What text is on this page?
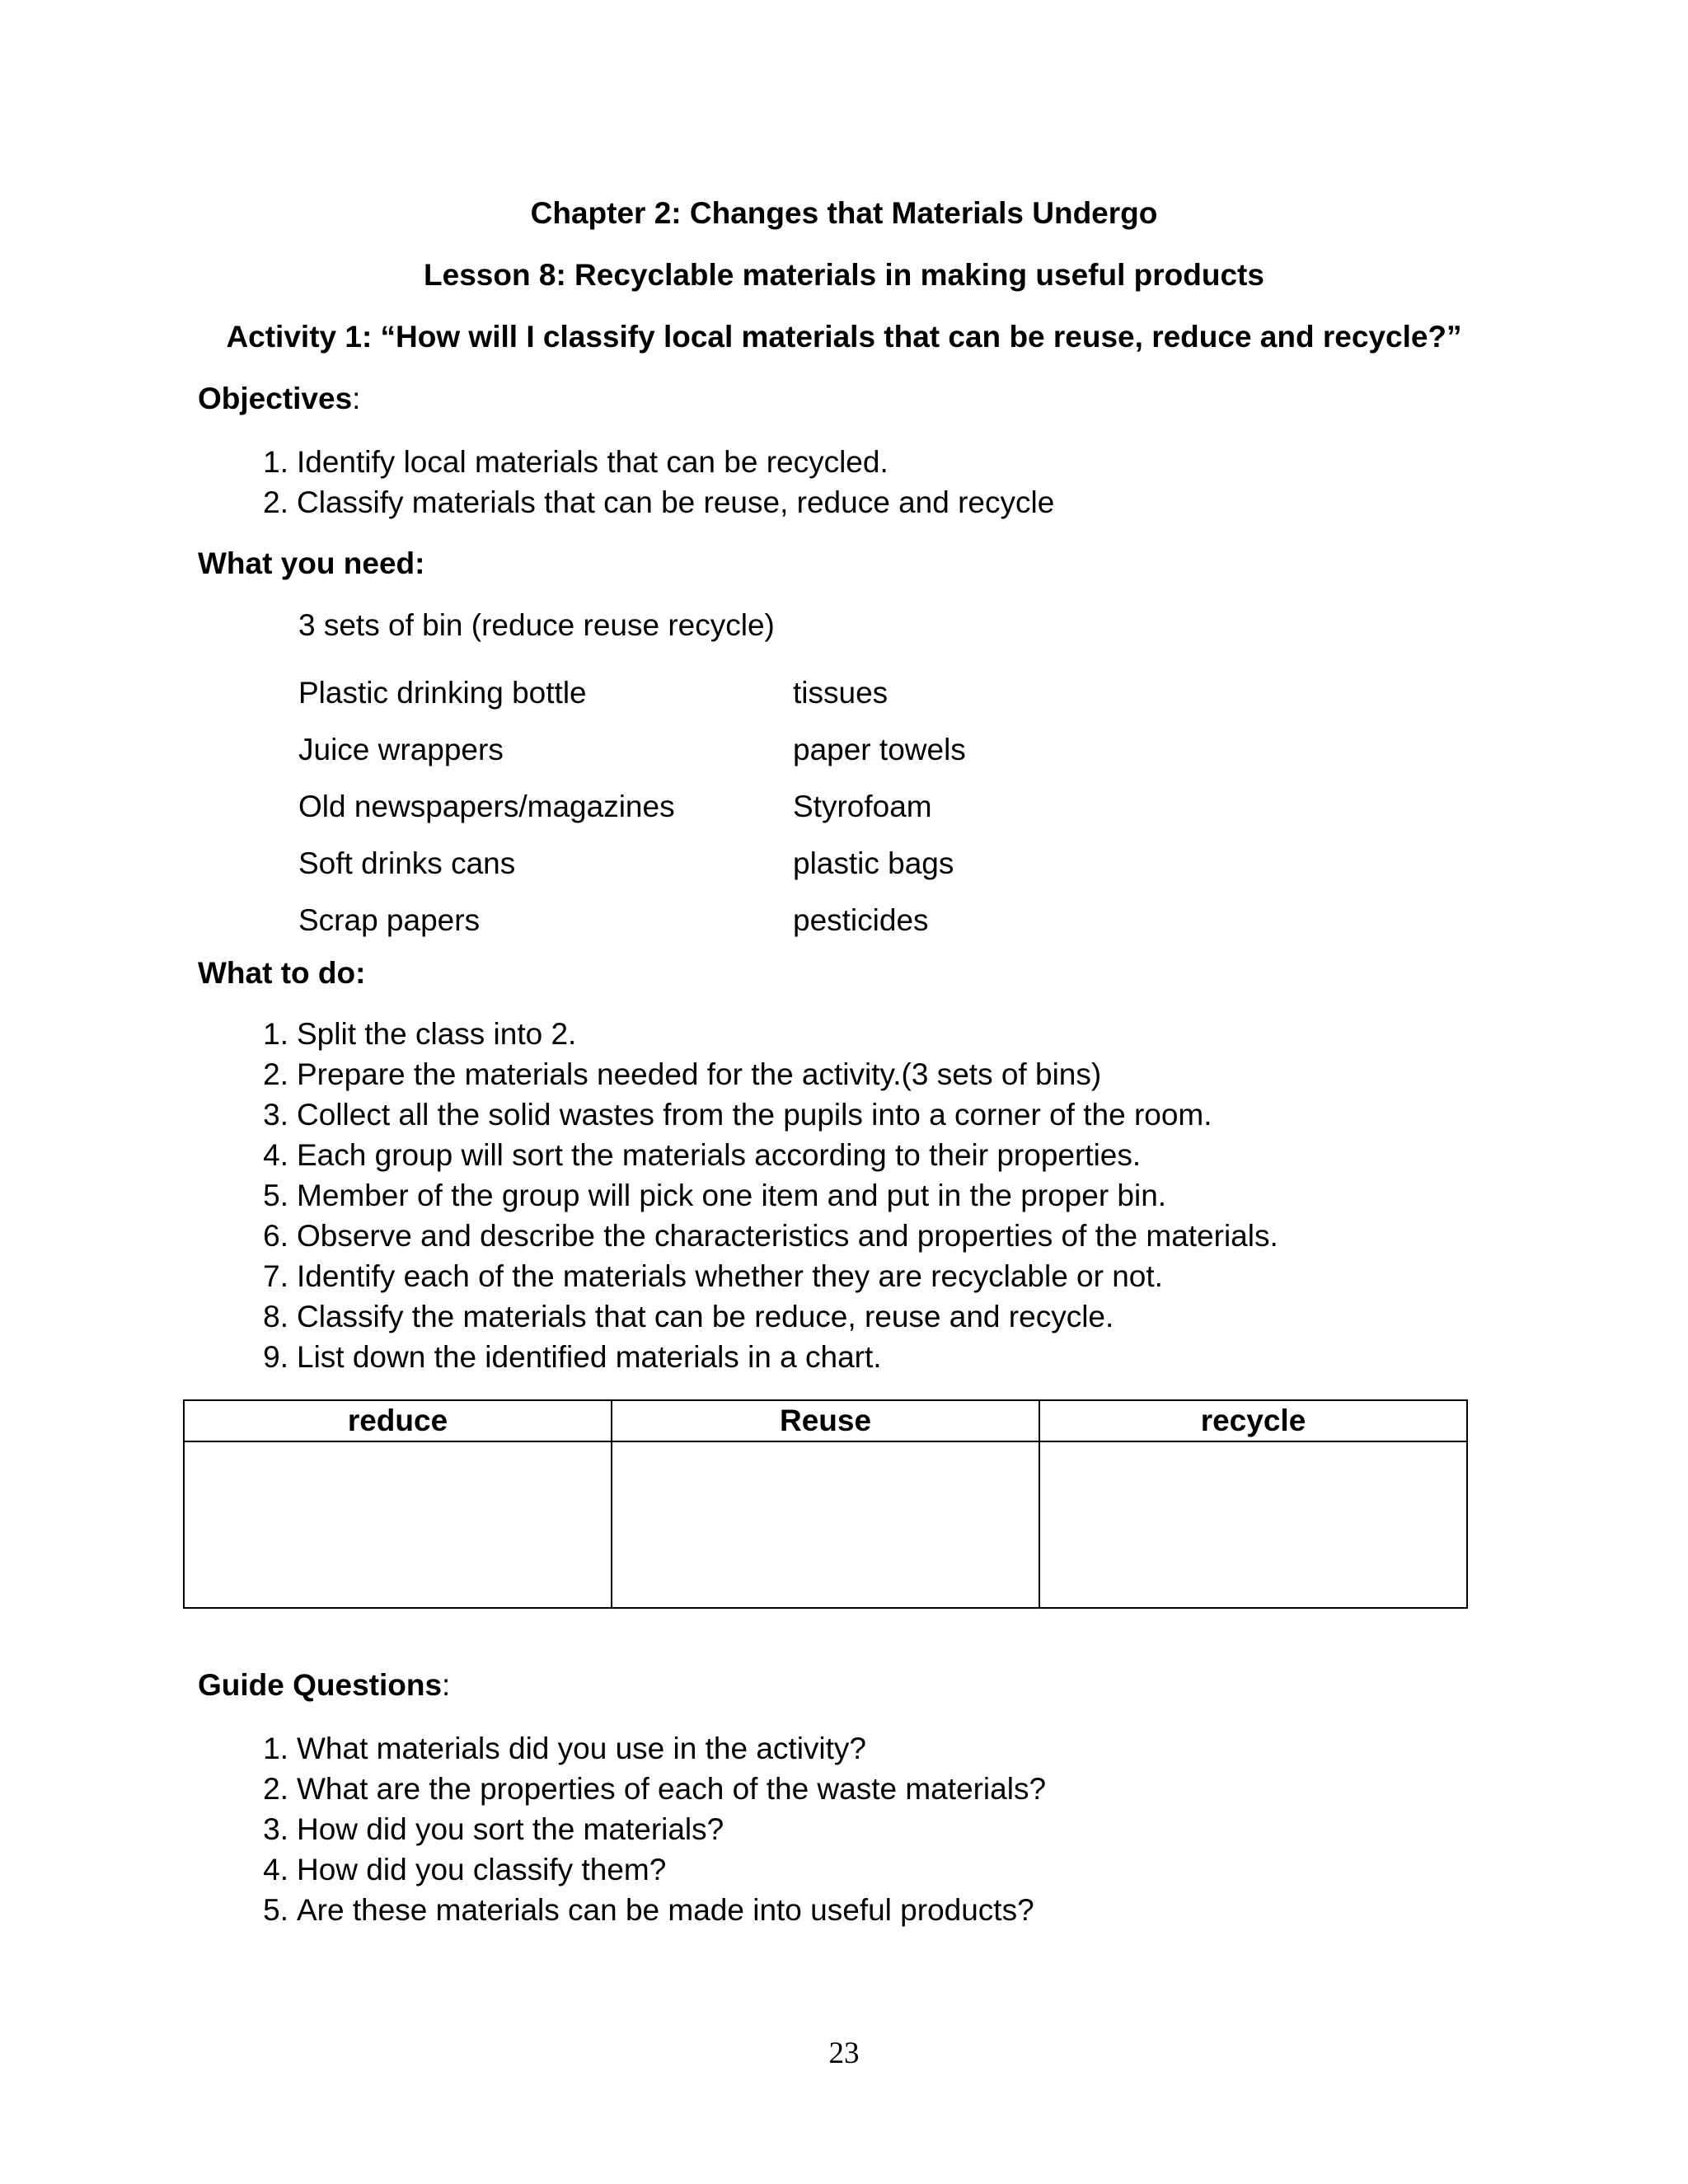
Chapter 2: Changes that Materials Undergo
Lesson 8: Recyclable materials in making useful products
Activity 1: “How will I classify local materials that can be reuse, reduce and recycle?”
Objectives:
1. Identify local materials that can be recycled.
2. Classify materials that can be reuse, reduce and recycle
What you need:
3 sets of bin (reduce reuse recycle)
Plastic drinking bottle	tissues
Juice wrappers	paper towels
Old newspapers/magazines	Styrofoam
Soft drinks cans	plastic bags
Scrap papers	pesticides
What to do:
1. Split the class into 2.
2. Prepare the materials needed for the activity.(3 sets of bins)
3. Collect all the solid wastes from the pupils into a corner of the room.
4. Each group will sort the materials according to their properties.
5. Member of the group will pick one item and put in the proper bin.
6. Observe and describe the characteristics and properties of the materials.
7. Identify each of the materials whether they are recyclable or not.
8. Classify the materials that can be reduce, reuse and recycle.
9. List down the identified materials in a chart.
reduce	Reuse	recycle

Guide Questions:
1. What materials did you use in the activity?
2. What are the properties of each of the waste materials?
3. How did you sort the materials?
4. How did you classify them?
5. Are these materials can be made into useful products?
23
